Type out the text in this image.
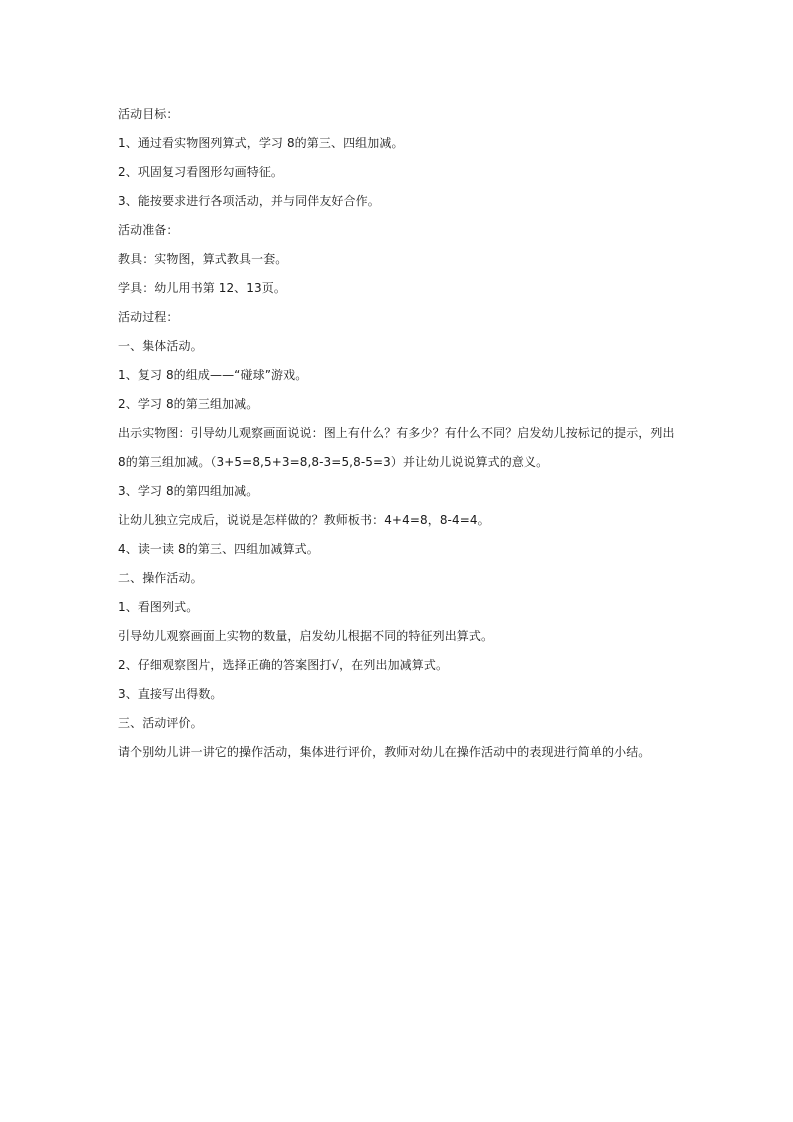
活动目标：
1、通过看实物图列算式，学习 8的第三、四组加减。
2、巩固复习看图形勾画特征。
3、能按要求进行各项活动，并与同伴友好合作。
活动准备：
教具：实物图，算式教具一套。
学具：幼儿用书第 12、13页。
活动过程：
一、集体活动。
1、复习 8的组成——“碰球”游戏。
2、学习 8的第三组加减。
出示实物图：引导幼儿观察画面说说：图上有什么？有多少？有什么不同？启发幼儿按标记的提示，列出
8的第三组加减。（3+5=8,5+3=8,8-3=5,8-5=3）并让幼儿说说算式的意义。
3、学习 8的第四组加减。
让幼儿独立完成后，说说是怎样做的？教师板书：4+4=8，8-4=4。
4、读一读 8的第三、四组加减算式。
二、操作活动。
1、看图列式。
引导幼儿观察画面上实物的数量，启发幼儿根据不同的特征列出算式。
2、仔细观察图片，选择正确的答案图打√，在列出加减算式。
3、直接写出得数。
三、活动评价。
请个别幼儿讲一讲它的操作活动，集体进行评价，教师对幼儿在操作活动中的表现进行简单的小结。
